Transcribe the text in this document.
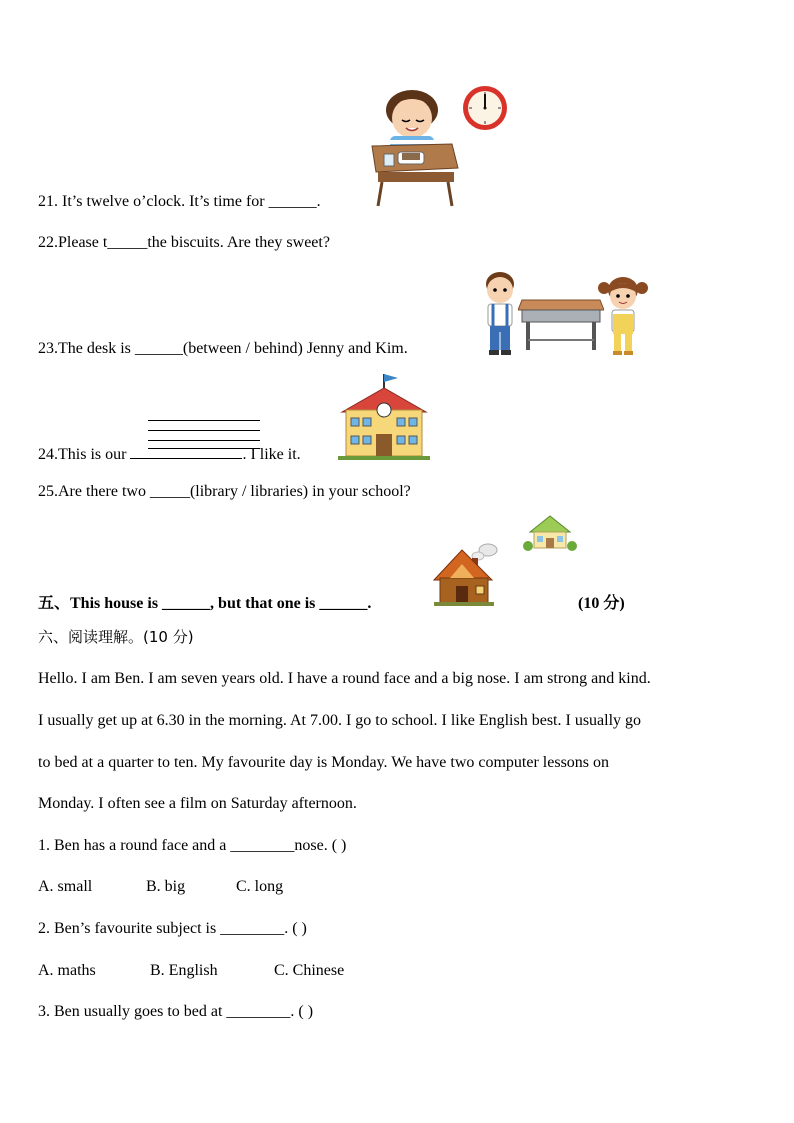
21. It’s twelve o’clock. It’s time for ______.
22.Please t_____the biscuits. Are they sweet?
23.The desk is ______(between / behind) Jenny and Kim.
24.This is our	. I like it.
25.Are there two _____(library / libraries) in your school?
五、This house is ______, but that one is ______.	(10 分)
六、阅读理解。(10 分)
Hello. I am Ben. I am seven years old. I have a round face and a big nose. I am strong and kind.
I usually get up at 6.30 in the morning. At 7.00. I go to school. I like English best. I usually go
to bed at a quarter to ten. My favourite day is Monday. We have two computer lessons on
Monday. I often see a film on Saturday afternoon.
1. Ben has a round face and a ________nose. ( )
A. small	B. big	C. long
2. Ben’s favourite subject is ________. ( )
A. maths	B. English	C. Chinese
3. Ben usually goes to bed at ________. ( )
